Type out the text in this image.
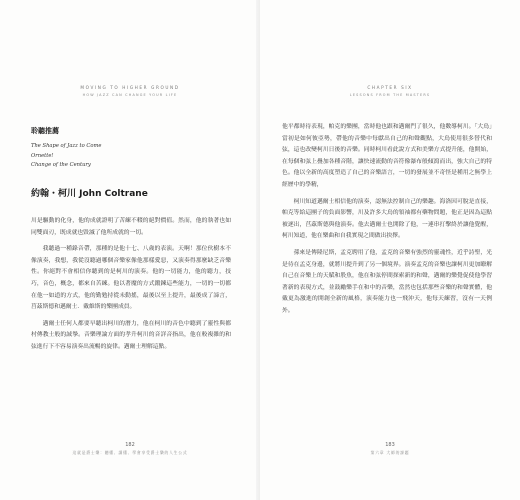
MOVING TO HIGHER GROUND
HOW JAZZ CAN CHANGE YOUR LIFE
聆聽推薦
The Shape of Jazz to Come
Ornette!
Change of the Century
約翰・柯川 John Coltrane

川是驅動的化身，他的成就證明了苦練不輟的絕對價值。然而，他的執著也如同雙面刃，既成就也毀滅了他所成就的一切。

我聽過一種錄音帶，那種的是他十七、八歲的表演。天啊！那位伙樹本不像演奏，我想，我從沒聽過哪個音樂家像他那樣愛惡，又演奏得那麼缺乏音樂性。你絕對不會相信你聽到的是柯川的演奏。他的一切能力，他的聽力，技巧，音色，概念，都來自苦練。他以著魔的方式鍛鍊這些能力，一切的一切都在他一如道的方式，他的勤勉持從未動搖，最後以至上提升，最後成了諦言，莒茲斯德和邁爾士．戴維斯的樂團成員。

邁爾士任何人都要早聽出柯川的潛力，他在柯川的音色中聽到了靈性與都村傳教士般的誠摯。音樂理論方面的孝升柯川的音詳音指出，他在較複雜的和弦進行下不容易演奏出流暢的旋律。邁爾士理解這點。

182
這就是爵士樂：聽懂、讀懂、學會享受爵士樂的人生公式
CHAPTER SIX
LESSONS FROM THE MASTERS

他平都時待表現，帕克的樂團，當時他也跟和邁爾門了很久，他數導柯川。「大鳥」當初是如何彼亞勢，帶他的音樂中每獻出自己的和聲觀點，大鳥使用很多替代和弦，這也改變柯川日後的音樂。同時柯川看此說方式和美樂方式提升能，他開始，在每個和弦上疊加各種音階，讓快速流動的音符像瀑布般傾瀉而出，強大自己的特色。他以全新的高度塑造了自己的音樂語言，一切的發展並不奇怪是種用之無學上經歷中的學精，

柯川知道邁爾士相信他的演奏，認無法控制自己的樂趣。海洛因可脫是直接，帕克等給這團子的負面影響，川及許多大鳥的領袖都有藥物問題，他正是因為這點被逐出，莒茲斯德與他演奏。他去邁爾士也開除了他，一連串打擊終於讓他覺醒，柯川知道，他在樂曲和自我實現之間做出抉擇。

孫來是傳隆尼斯，孟克聘用了他，孟克的音樂有強烈的靈魂性，近乎詩聖，光是待在孟克身邊，就將川提升到了另一個境界。演奏孟克的音樂也讓柯川更加瞭解自己在音樂上的天賦和股魚，他在和弦停間探索新的和聲，邁爾的樂覺促使他學習著新的表現方式，並鼓勵樂手在和中的音樂，當然也包括那些音樂的和聲實體，他戴更為激進的開創全新的風格，演奏能力也一飛沖天，他每天練習，沒有一天例外。

183
第六章 大師的課題
